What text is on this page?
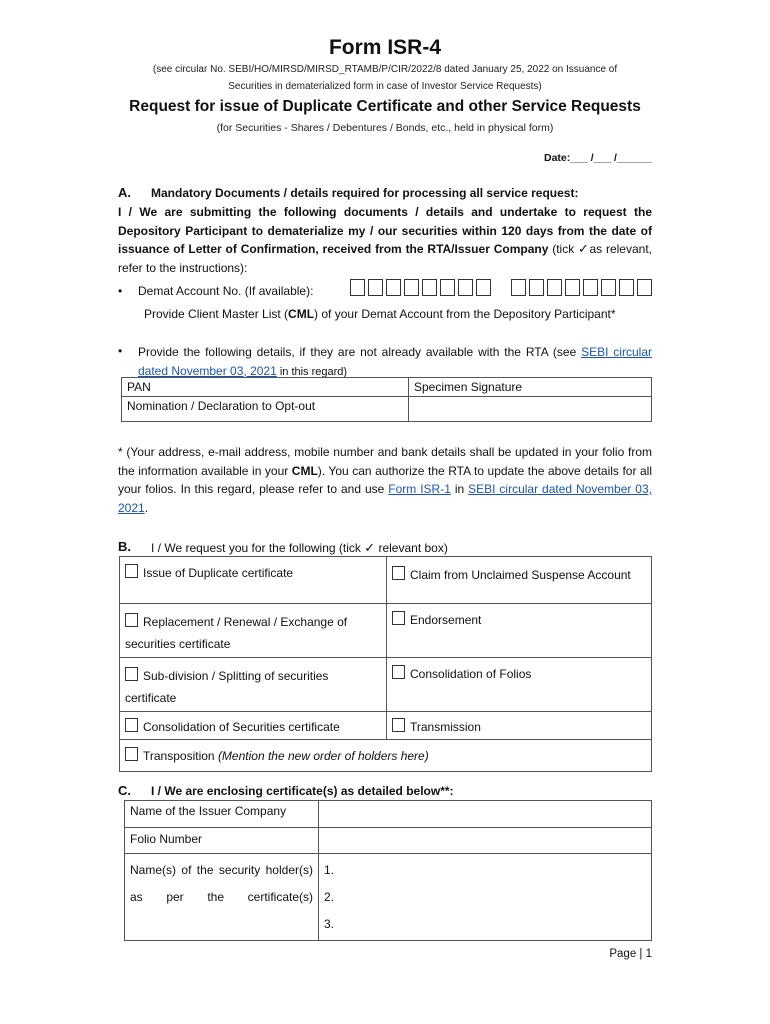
Form ISR-4
(see circular No. SEBI/HO/MIRSD/MIRSD_RTAMB/P/CIR/2022/8 dated January 25, 2022 on Issuance of
Securities in dematerialized form in case of Investor Service Requests)
Request for issue of Duplicate Certificate and other Service Requests
(for Securities - Shares / Debentures / Bonds, etc., held in physical form)
Date:___ /___ /______
A. Mandatory Documents / details required for processing all service request:
I / We are submitting the following documents / details and undertake to request the Depository Participant to dematerialize my / our securities within 120 days from the date of issuance of Letter of Confirmation, received from the RTA/Issuer Company (tick ✓as relevant, refer to the instructions):
• Demat Account No. (If available):

Provide Client Master List (CML) of your Demat Account from the Depository Participant*
• Provide the following details, if they are not already available with the RTA (see SEBI circular dated November 03, 2021 in this regard)
PAN	Specimen Signature
Nomination / Declaration to Opt-out	
* (Your address, e-mail address, mobile number and bank details shall be updated in your folio from the information available in your CML). You can authorize the RTA to update the above details for all your folios. In this regard, please refer to and use Form ISR-1 in SEBI circular dated November 03, 2021.
B. I / We request you for the following (tick ✓ relevant box)
Issue of Duplicate certificate	Claim from Unclaimed Suspense Account
Replacement / Renewal / Exchange of securities certificate	Endorsement
Sub-division / Splitting of securities certificate	Consolidation of Folios
Consolidation of Securities certificate	Transmission
Transposition (Mention the new order of holders here)	
C. I / We are enclosing certificate(s) as detailed below**:
Name of the Issuer Company	
Folio Number	
Name(s) of the security holder(s) as per the certificate(s)	1.
2.
3.
Page | 1
